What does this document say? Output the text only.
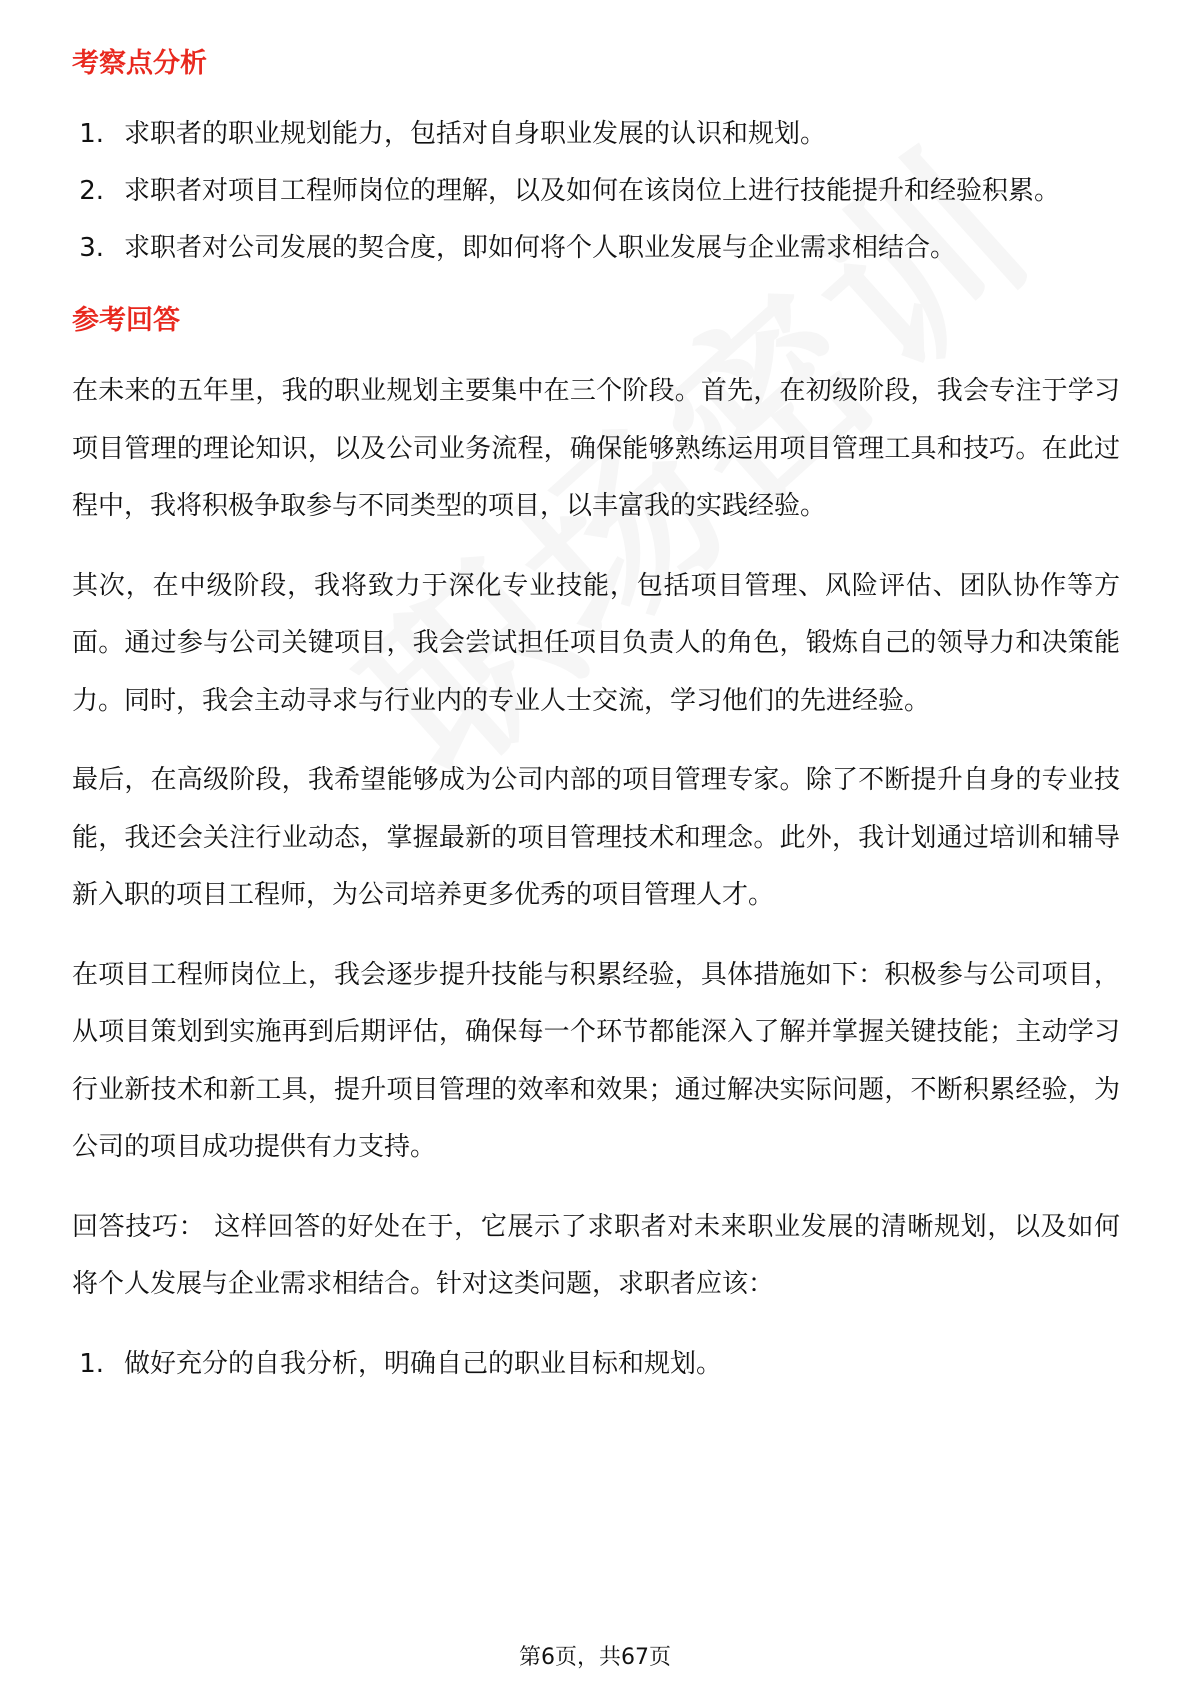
考察点分析
1. 求职者的职业规划能力，包括对自身职业发展的认识和规划。
2. 求职者对项目工程师岗位的理解，以及如何在该岗位上进行技能提升和经验积累。
3. 求职者对公司发展的契合度，即如何将个人职业发展与企业需求相结合。
参考回答

在未来的五年里，我的职业规划主要集中在三个阶段。首先，在初级阶段，我会专注于学习项目管理的理论知识，以及公司业务流程，确保能够熟练运用项目管理工具和技巧。在此过程中，我将积极争取参与不同类型的项目，以丰富我的实践经验。

其次，在中级阶段，我将致力于深化专业技能，包括项目管理、风险评估、团队协作等方面。通过参与公司关键项目，我会尝试担任项目负责人的角色，锻炼自己的领导力和决策能力。同时，我会主动寻求与行业内的专业人士交流，学习他们的先进经验。

最后，在高级阶段，我希望能够成为公司内部的项目管理专家。除了不断提升自身的专业技能，我还会关注行业动态，掌握最新的项目管理技术和理念。此外，我计划通过培训和辅导新入职的项目工程师，为公司培养更多优秀的项目管理人才。

在项目工程师岗位上，我会逐步提升技能与积累经验，具体措施如下：积极参与公司项目，从项目策划到实施再到后期评估，确保每一个环节都能深入了解并掌握关键技能；主动学习行业新技术和新工具，提升项目管理的效率和效果；通过解决实际问题，不断积累经验，为公司的项目成功提供有力支持。

回答技巧： 这样回答的好处在于，它展示了求职者对未来职业发展的清晰规划，以及如何将个人发展与企业需求相结合。针对这类问题，求职者应该：

1. 做好充分的自我分析，明确自己的职业目标和规划。
第6页，共67页
